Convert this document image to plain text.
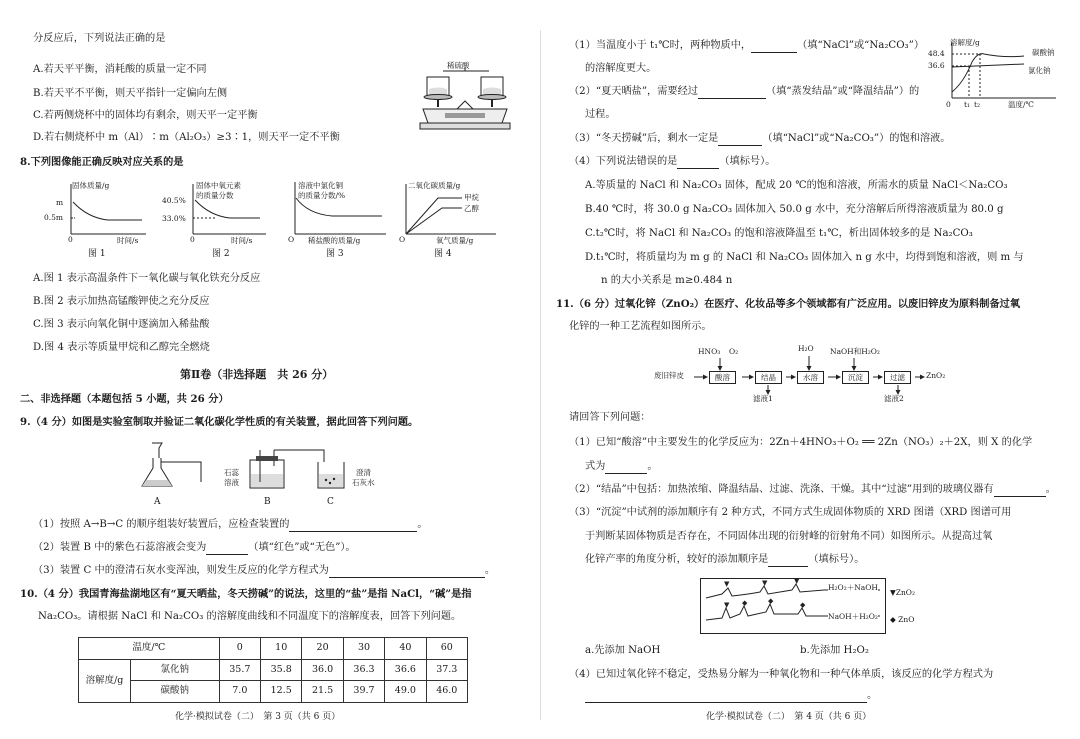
分反应后，下列说法正确的是
A.若天平平衡，消耗酸的质量一定不同
B.若天平不平衡，则天平指针一定偏向左侧
C.若两侧烧杯中的固体均有剩余，则天平一定平衡
D.若右侧烧杯中 m（Al）∶m（Al₂O₃）≥3∶1，则天平一定不平衡
稀硫酸
8.下列图像能正确反映对应关系的是
固体质量/g
m
0.5m
0	时间/s
图 1
固体中氧元素
的质量分数
40.5%
33.0%
0	时间/s
图 2
溶液中氯化铜
的质量分数/%
O 稀盐酸的质量/g
图 3
二氧化碳质量/g
甲烷
乙醇
O	氧气质量/g
图 4
A.图 1 表示高温条件下一氧化碳与氧化铁充分反应
B.图 2 表示加热高锰酸钾使之充分反应
C.图 3 表示向氧化铜中逐滴加入稀盐酸
D.图 4 表示等质量甲烷和乙醇完全燃烧
第Ⅱ卷（非选择题　共 26 分）
二、非选择题（本题包括 5 小题，共 26 分）
9.（4 分）如图是实验室制取并验证二氧化碳化学性质的有关装置，据此回答下列问题。
石蕊
溶液
澄清
石灰水
A	B	C
（1）按照 A→B→C 的顺序组装好装置后，应检查装置的	。
（2）装置 B 中的紫色石蕊溶液会变为	（填“红色”或“无色”）。
（3）装置 C 中的澄清石灰水变浑浊，则发生反应的化学方程式为	。
10.（4 分）我国青海盐湖地区有“夏天晒盐，冬天捞碱”的说法，这里的“盐”是指 NaCl，“碱”是指
Na₂CO₃。请根据 NaCl 和 Na₂CO₃ 的溶解度曲线和不同温度下的溶解度表，回答下列问题。
温度/℃		0	10	20	30	40	60
溶解度/g	氯化钠	35.7	35.8	36.0	36.3	36.6	37.3
	碳酸钠	7.0	12.5	21.5	39.7	49.0	46.0
化学·模拟试卷（二）　第 3 页（共 6 页）
（1）当温度小于 t₁℃时，两种物质中，	（填“NaCl”或“Na₂CO₃”）
的溶解度更大。
（2）“夏天晒盐”，需要经过	（填“蒸发结晶”或“降温结晶”）的
过程。
（3）“冬天捞碱”后，剩水一定是	（填“NaCl”或“Na₂CO₃”）的饱和溶液。
（4）下列说法错误的是	（填标号）。
溶解度/g
48.4
36.6
碳酸钠
氯化钠
0 t₁ t₂	温度/℃
A.等质量的 NaCl 和 Na₂CO₃ 固体，配成 20 ℃的饱和溶液，所需水的质量 NaCl＜Na₂CO₃
B.40 ℃时，将 30.0 g Na₂CO₃ 固体加入 50.0 g 水中，充分溶解后所得溶液质量为 80.0 g
C.t₂℃时，将 NaCl 和 Na₂CO₃ 的饱和溶液降温至 t₁℃，析出固体较多的是 Na₂CO₃
D.t₁℃时，将质量均为 m g 的 NaCl 和 Na₂CO₃ 固体加入 n g 水中，均得到饱和溶液，则 m 与
n 的大小关系是 m≥0.484 n
11.（6 分）过氧化锌（ZnO₂）在医疗、化妆品等多个领域都有广泛应用。以废旧锌皮为原料制备过氧
化锌的一种工艺流程如图所示。
HNO₃ O₂	H₂O NaOH和H₂O₂
废旧锌皮	酸溶	结晶	水溶	沉淀	过滤	ZnO₂
滤液1	滤液2
请回答下列问题：
（1）已知“酸溶”中主要发生的化学反应为：2Zn＋4HNO₃＋O₂ ══ 2Zn（NO₃）₂＋2X，则 X 的化学
式为	。
（2）“结晶”中包括：加热浓缩、降温结晶、过滤、洗涤、干燥。其中“过滤”用到的玻璃仪器有	。
（3）“沉淀”中试剂的添加顺序有 2 种方式，不同方式生成固体物质的 XRD 图谱（XRD 图谱可用
于判断某固体物质是否存在，不同固体出现的衍射峰的衍射角不同）如图所示。从提高过氧
化锌产率的角度分析，较好的添加顺序是	（填标号）。
▼	▼	▼
▼ ◆	◆	◆
H₂O₂＋NaOH
NaOH＋H₂O₂
▼ZnO₂
◆ ZnO
a.先添加 NaOH	b.先添加 H₂O₂
（4）已知过氧化锌不稳定，受热易分解为一种氧化物和一种气体单质，该反应的化学方程式为
。
化学·模拟试卷（二）　第 4 页（共 6 页）
